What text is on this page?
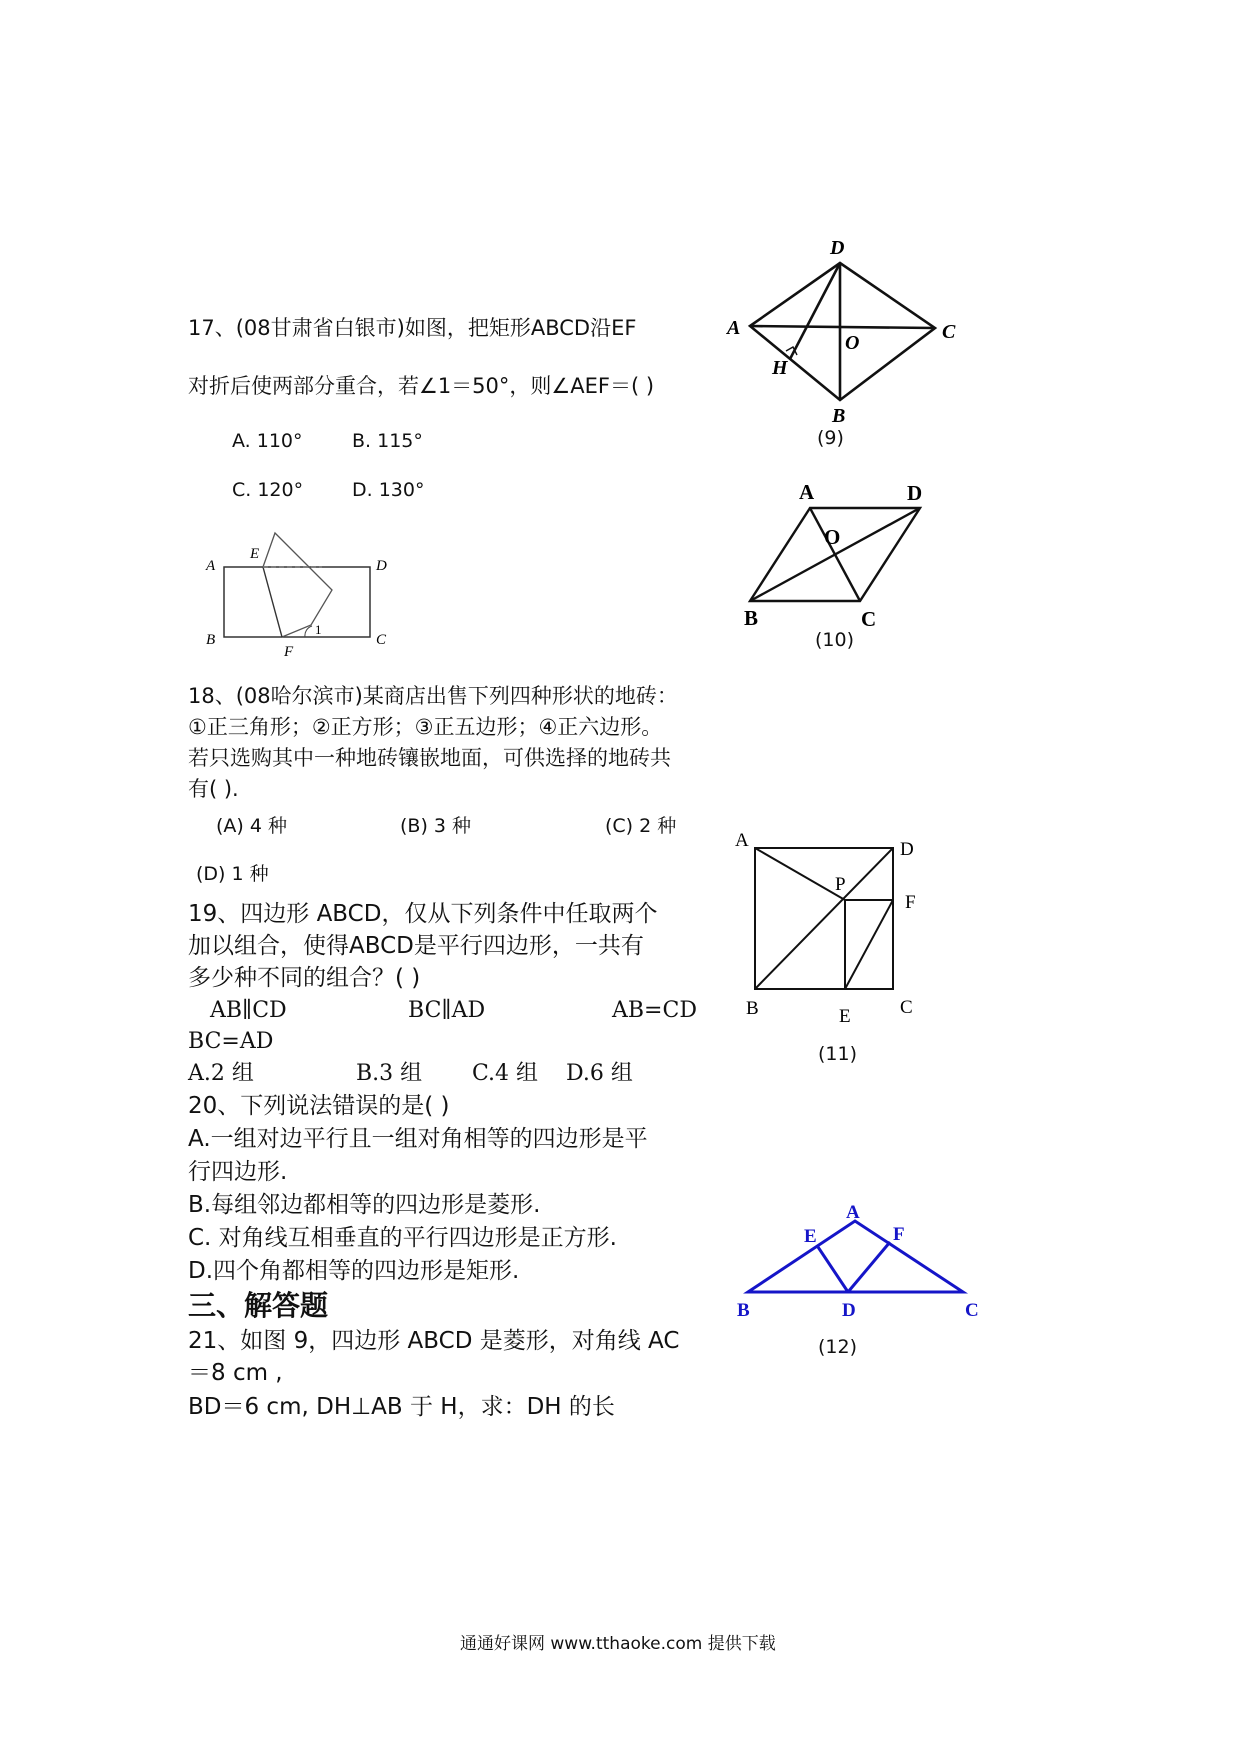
17、(08甘肃省白银市)如图，把矩形ABCD沿EF
对折后使两部分重合，若∠1＝50°，则∠AEF＝( )
A. 110°	B. 115°
C. 120°	D. 130°
A
B	C
D
E
F
1
18、(08哈尔滨市)某商店出售下列四种形状的地砖：
①正三角形；②正方形；③正五边形；④正六边形。
若只选购其中一种地砖镶嵌地面，可供选择的地砖共
有( ).
(A) 4 种	(B) 3 种	(C) 2 种
(D) 1 种
19、四边形 ABCD，仅从下列条件中任取两个
加以组合，使得ABCD是平行四边形，一共有
多少种不同的组合？( )
AB∥CD	BC∥AD	AB=CD
BC=AD
A.2 组	B.3 组 C.4 组 D.6 组
20、下列说法错误的是( )
A.一组对边平行且一组对角相等的四边形是平
行四边形.
B.每组邻边都相等的四边形是菱形.
C. 对角线互相垂直的平行四边形是正方形.
D.四个角都相等的四边形是矩形.
三、解答题
21、如图 9，四边形 ABCD 是菱形，对角线 AC
＝8 cm ,
BD＝6 cm, DH⊥AB 于 H，求：DH 的长
A
B
C
D
O
H
(9)
A
B	C
D
O
(10)
A
B	C
D
E
F
P
(11)
A
B	C
D
E	F
(12)
通通好课网 www.tthaoke.com 提供下载
